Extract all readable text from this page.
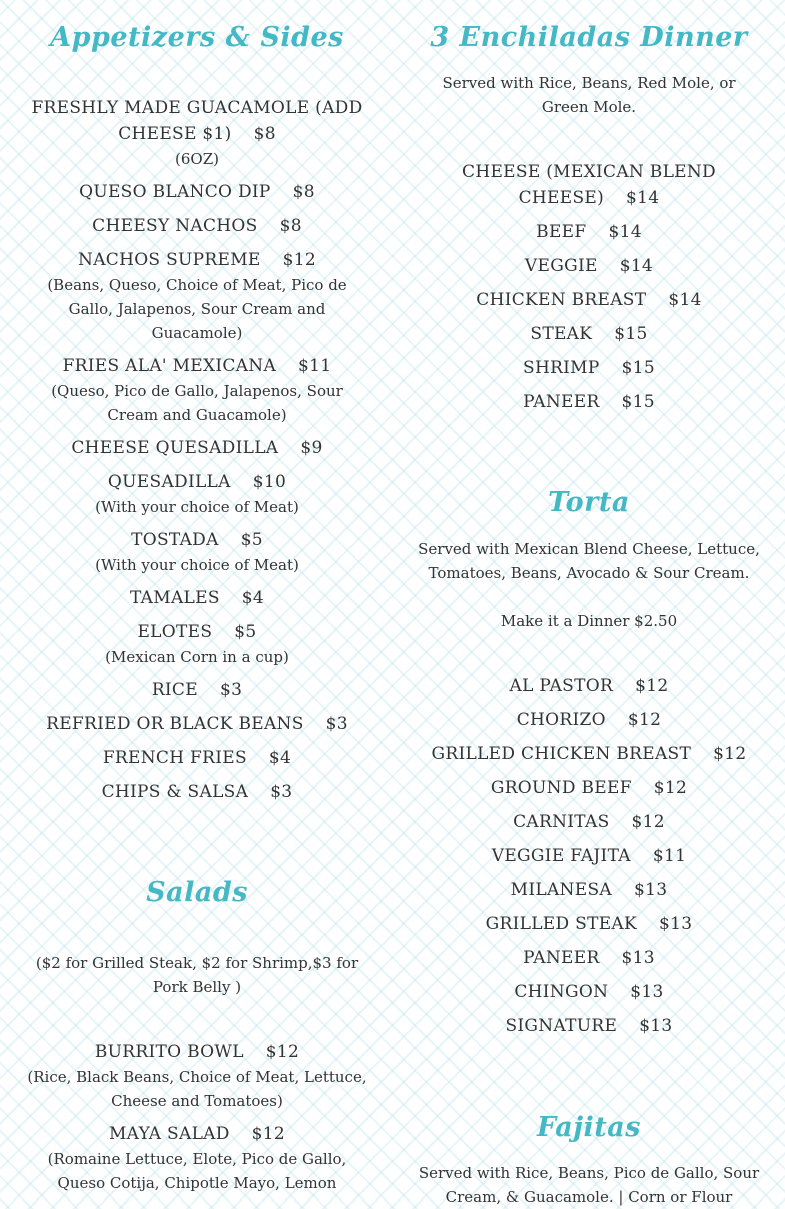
Appetizers & Sides

FRESHLY MADE GUACAMOLE (ADD CHEESE $1) $8

(6OZ)

QUESO BLANCO DIP $8

CHEESY NACHOS $8

NACHOS SUPREME $12

(Beans, Queso, Choice of Meat, Pico de Gallo, Jalapenos, Sour Cream and Guacamole)

FRIES ALA' MEXICANA $11

(Queso, Pico de Gallo, Jalapenos, Sour Cream and Guacamole)

CHEESE QUESADILLA $9

QUESADILLA $10

(With your choice of Meat)

TOSTADA $5

(With your choice of Meat)

TAMALES $4

ELOTES $5

(Mexican Corn in a cup)

RICE $3

REFRIED OR BLACK BEANS $3

FRENCH FRIES $4

CHIPS & SALSA $3

Salads

($2 for Grilled Steak, $2 for Shrimp,$3 for Pork Belly )

BURRITO BOWL $12

(Rice, Black Beans, Choice of Meat, Lettuce, Cheese and Tomatoes)

MAYA SALAD $12

(Romaine Lettuce, Elote, Pico de Gallo, Queso Cotija, Chipotle Mayo, Lemon

3 Enchiladas Dinner

Served with Rice, Beans, Red Mole, or Green Mole.

CHEESE (MEXICAN BLEND CHEESE) $14

BEEF $14

VEGGIE $14

CHICKEN BREAST $14

STEAK $15

SHRIMP $15

PANEER $15

Torta

Served with Mexican Blend Cheese, Lettuce, Tomatoes, Beans, Avocado & Sour Cream.

Make it a Dinner $2.50

AL PASTOR $12

CHORIZO $12

GRILLED CHICKEN BREAST $12

GROUND BEEF $12

CARNITAS $12

VEGGIE FAJITA $11

MILANESA $13

GRILLED STEAK $13

PANEER $13

CHINGON $13

SIGNATURE $13

Fajitas

Served with Rice, Beans, Pico de Gallo, Sour Cream, & Guacamole. | Corn or Flour
